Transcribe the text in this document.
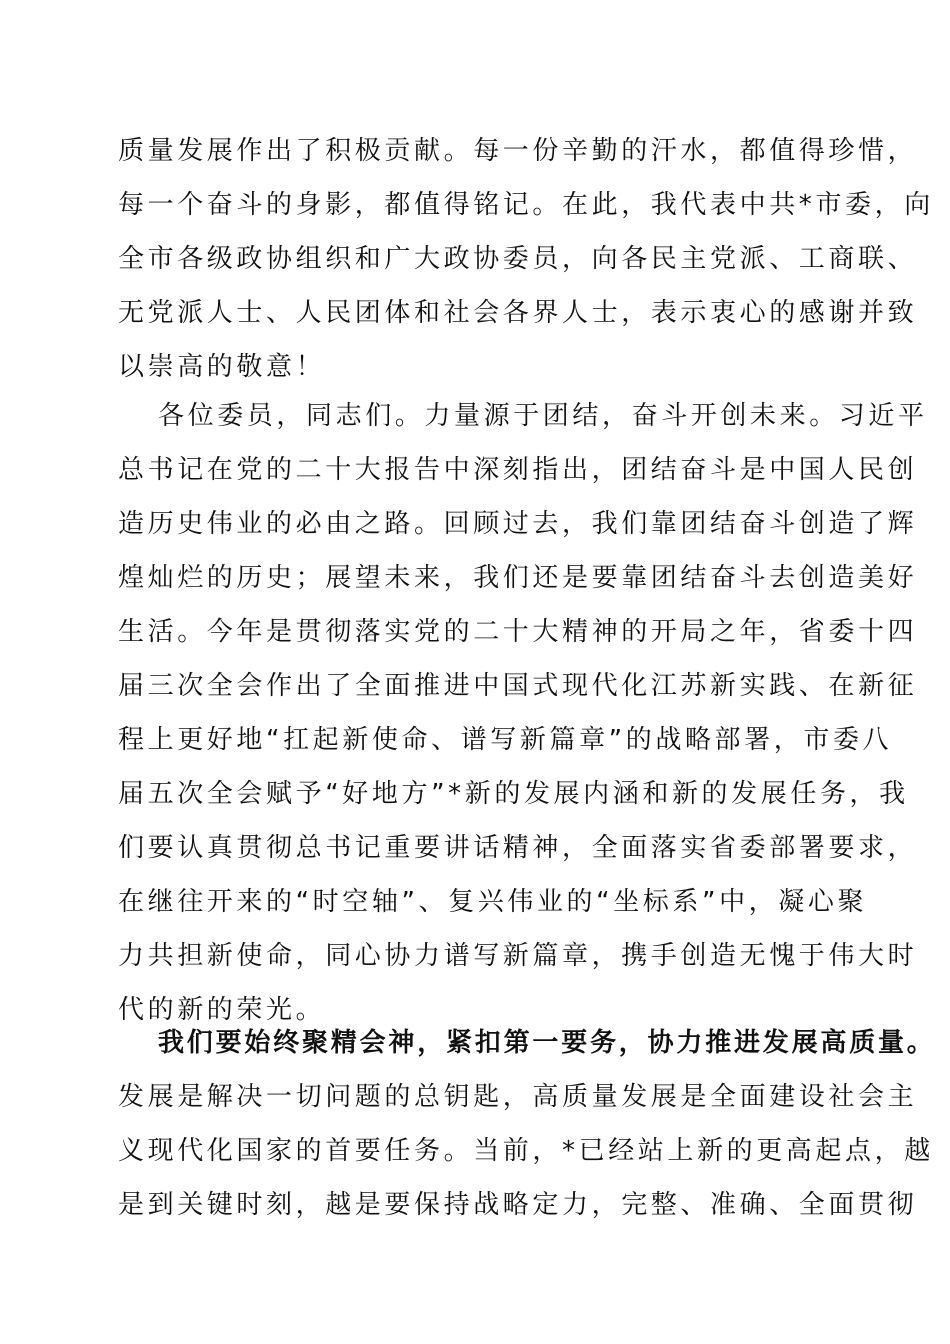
质量发展作出了积极贡献。每一份辛勤的汗水，都值得珍惜，
每一个奋斗的身影，都值得铭记。在此，我代表中共*市委，向
全市各级政协组织和广大政协委员，向各民主党派、工商联、
无党派人士、人民团体和社会各界人士，表示衷心的感谢并致
以崇高的敬意！
各位委员，同志们。力量源于团结，奋斗开创未来。习近平
总书记在党的二十大报告中深刻指出，团结奋斗是中国人民创
造历史伟业的必由之路。回顾过去，我们靠团结奋斗创造了辉
煌灿烂的历史；展望未来，我们还是要靠团结奋斗去创造美好
生活。今年是贯彻落实党的二十大精神的开局之年，省委十四
届三次全会作出了全面推进中国式现代化江苏新实践、在新征
程上更好地“扛起新使命、谱写新篇章”的战略部署，市委八
届五次全会赋予“好地方”*新的发展内涵和新的发展任务，我
们要认真贯彻总书记重要讲话精神，全面落实省委部署要求，
在继往开来的“时空轴”、复兴伟业的“坐标系”中，凝心聚
力共担新使命，同心协力谱写新篇章，携手创造无愧于伟大时
代的新的荣光。
我们要始终聚精会神，紧扣第一要务，协力推进发展高质量。
发展是解决一切问题的总钥匙，高质量发展是全面建设社会主
义现代化国家的首要任务。当前，*已经站上新的更高起点，越
是到关键时刻，越是要保持战略定力，完整、准确、全面贯彻
